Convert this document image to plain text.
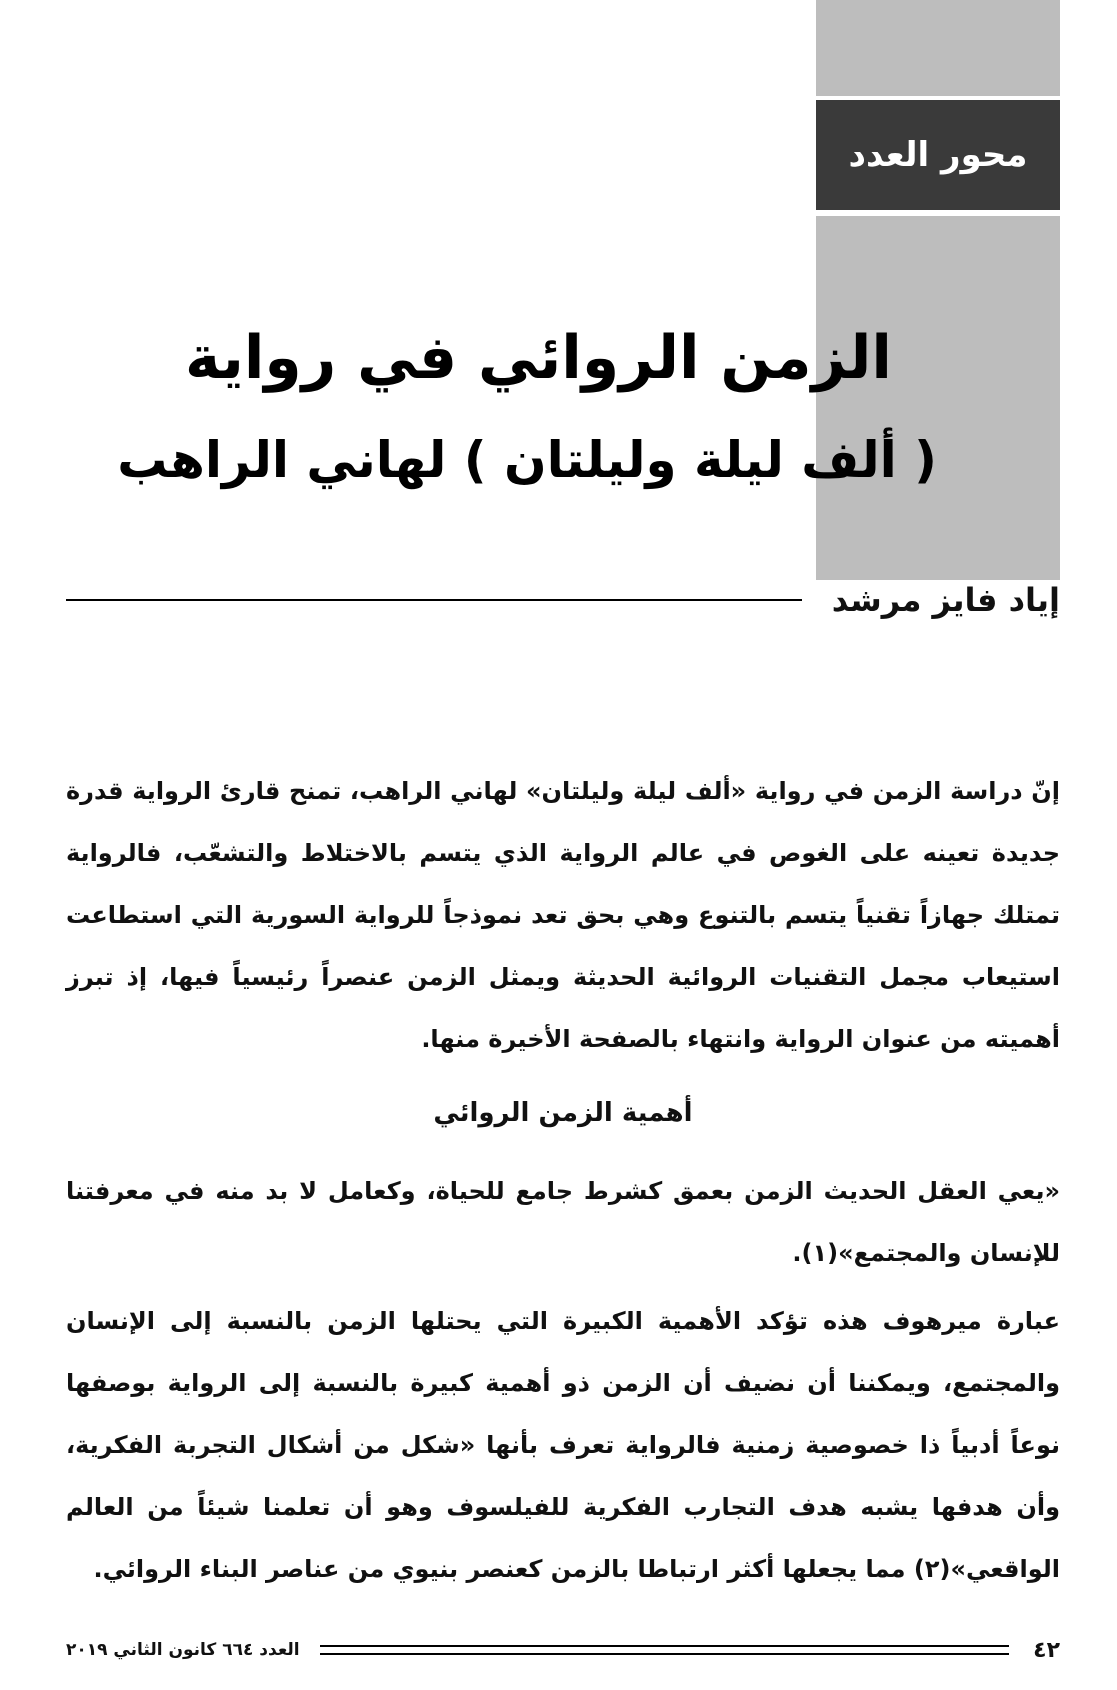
محور العدد
الزمن الروائي في رواية
( ألف ليلة وليلتان ) لهاني الراهب
إياد فايز مرشد

إنّ دراسة الزمن في رواية «ألف ليلة وليلتان» لهاني الراهب، تمنح قارئ الرواية قدرة جديدة تعينه على الغوص في عالم الرواية الذي يتسم بالاختلاط والتشعّب، فالرواية تمتلك جهازاً تقنياً يتسم بالتنوع وهي بحق تعد نموذجاً للرواية السورية التي استطاعت استيعاب مجمل التقنيات الروائية الحديثة ويمثل الزمن عنصراً رئيسياً فيها، إذ تبرز أهميته من عنوان الرواية وانتهاء بالصفحة الأخيرة منها.

أهمية الزمن الروائي

«يعي العقل الحديث الزمن بعمق كشرط جامع للحياة، وكعامل لا بد منه في معرفتنا للإنسان والمجتمع»(١).

عبارة ميرهوف هذه تؤكد الأهمية الكبيرة التي يحتلها الزمن بالنسبة إلى الإنسان والمجتمع، ويمكننا أن نضيف أن الزمن ذو أهمية كبيرة بالنسبة إلى الرواية بوصفها نوعاً أدبياً ذا خصوصية زمنية فالرواية تعرف بأنها «شكل من أشكال التجربة الفكرية، وأن هدفها يشبه هدف التجارب الفكرية للفيلسوف وهو أن تعلمنا شيئاً من العالم الواقعي»(٢) مما يجعلها أكثر ارتباطا بالزمن كعنصر بنيوي من عناصر البناء الروائي.

٤٢
العدد ٦٦٤ كانون الثاني ٢٠١٩
